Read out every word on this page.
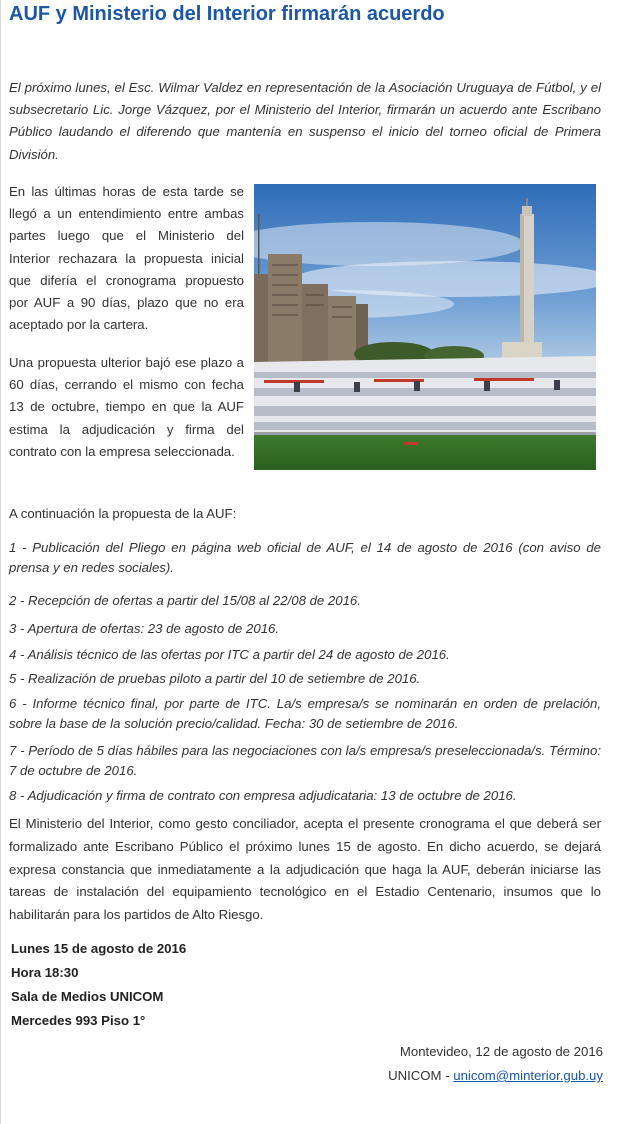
AUF y Ministerio del Interior firmarán acuerdo

El próximo lunes, el Esc. Wilmar Valdez en representación de la Asociación Uruguaya de Fútbol, y el subsecretario Lic. Jorge Vázquez, por el Ministerio del Interior, firmarán un acuerdo ante Escribano Público laudando el diferendo que mantenía en suspenso el inicio del torneo oficial de Primera División.

En las últimas horas de esta tarde se llegó a un entendimiento entre ambas partes luego que el Ministerio del Interior rechazara la propuesta inicial que difería el cronograma propuesto por AUF a 90 días, plazo que no era aceptado por la cartera.

Una propuesta ulterior bajó ese plazo a 60 días, cerrando el mismo con fecha 13 de octubre, tiempo en que la AUF estima la adjudicación y firma del contrato con la empresa seleccionada.

A continuación la propuesta de la AUF:

1 - Publicación del Pliego en página web oficial de AUF, el 14 de agosto de 2016 (con aviso de prensa y en redes sociales).

2 - Recepción de ofertas a partir del 15/08 al 22/08 de 2016.

3 - Apertura de ofertas: 23 de agosto de 2016.

4 - Análisis técnico de las ofertas por ITC a partir del 24 de agosto de 2016.

5 - Realización de pruebas piloto a partir del 10 de setiembre de 2016.

6 - Informe técnico final, por parte de ITC. La/s empresa/s se nominarán en orden de prelación, sobre la base de la solución precio/calidad. Fecha: 30 de setiembre de 2016.

7 - Período de 5 días hábiles para las negociaciones con la/s empresa/s preseleccionada/s. Término: 7 de octubre de 2016.

8 - Adjudicación y firma de contrato con empresa adjudicataria: 13 de octubre de 2016.

El Ministerio del Interior, como gesto conciliador, acepta el presente cronograma el que deberá ser formalizado ante Escribano Público el próximo lunes 15 de agosto. En dicho acuerdo, se dejará expresa constancia que inmediatamente a la adjudicación que haga la AUF, deberán iniciarse las tareas de instalación del equipamiento tecnológico en el Estadio Centenario, insumos que lo habilitarán para los partidos de Alto Riesgo.

Lunes 15 de agosto de 2016
Hora 18:30
Sala de Medios UNICOM
Mercedes 993 Piso 1°
Montevideo, 12 de agosto de 2016
UNICOM - unicom@minterior.gub.uy
